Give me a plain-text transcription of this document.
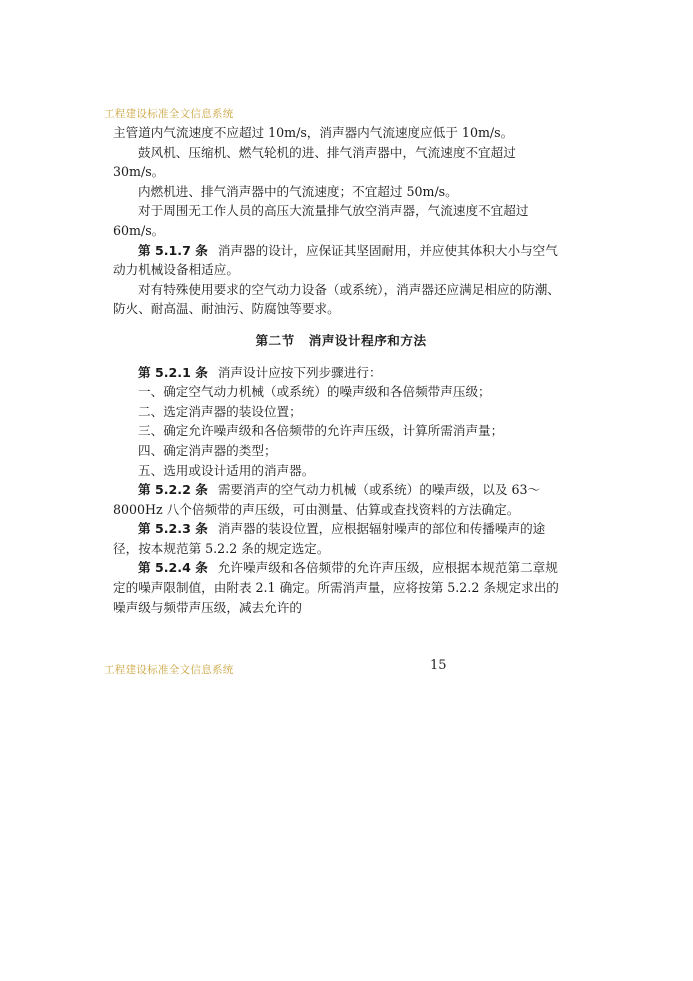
工程建设标准全文信息系统

主管道内气流速度不应超过 10m/s，消声器内气流速度应低于 10m/s。

鼓风机、压缩机、燃气轮机的进、排气消声器中，气流速度不宜超过 30m/s。

内燃机进、排气消声器中的气流速度；不宜超过 50m/s。

对于周围无工作人员的高压大流量排气放空消声器，气流速度不宜超过 60m/s。

第 5.1.7 条 消声器的设计，应保证其坚固耐用，并应使其体积大小与空气动力机械设备相适应。

对有特殊使用要求的空气动力设备（或系统），消声器还应满足相应的防潮、防火、耐高温、耐油污、防腐蚀等要求。

第二节 消声设计程序和方法

第 5.2.1 条 消声设计应按下列步骤进行：

一、确定空气动力机械（或系统）的噪声级和各倍频带声压级；

二、选定消声器的装设位置；

三、确定允许噪声级和各倍频带的允许声压级，计算所需消声量；

四、确定消声器的类型；

五、选用或设计适用的消声器。

第 5.2.2 条 需要消声的空气动力机械（或系统）的噪声级，以及 63～8000Hz 八个倍频带的声压级，可由测量、估算或查找资料的方法确定。

第 5.2.3 条 消声器的装设位置，应根据辐射噪声的部位和传播噪声的途径，按本规范第 5.2.2 条的规定选定。

第 5.2.4 条 允许噪声级和各倍频带的允许声压级，应根据本规范第二章规定的噪声限制值，由附表 2.1 确定。所需消声量，应将按第 5.2.2 条规定求出的噪声级与频带声压级，减去允许的

工程建设标准全文信息系统	15
